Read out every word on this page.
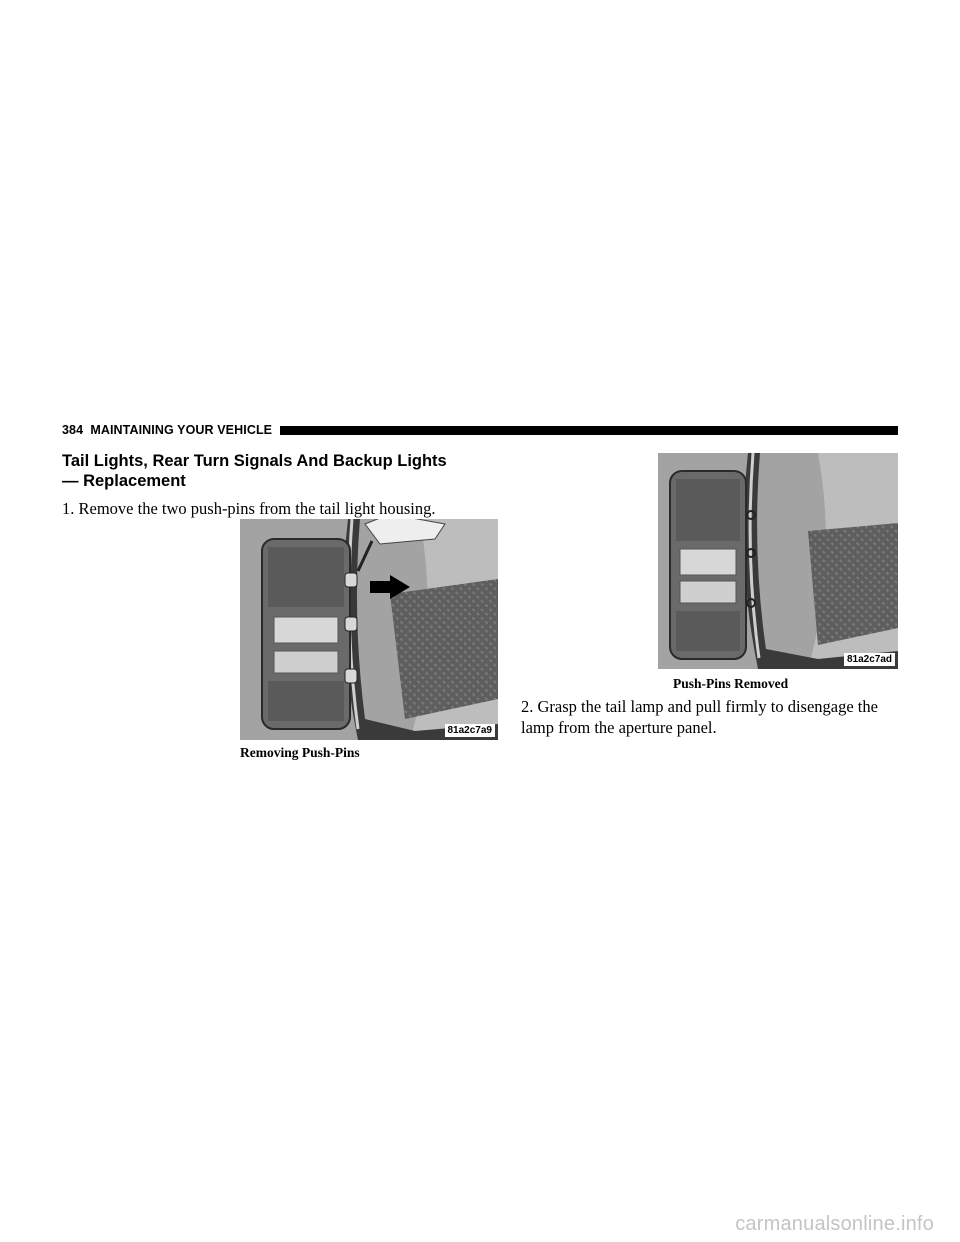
384 MAINTAINING YOUR VEHICLE
Tail Lights, Rear Turn Signals And Backup Lights
— Replacement

1. Remove the two push-pins from the tail light housing.

81a2c7a9
Removing Push-Pins
81a2c7ad
Push-Pins Removed

2. Grasp the tail lamp and pull firmly to disengage the lamp from the aperture panel.

carmanualsonline.info
